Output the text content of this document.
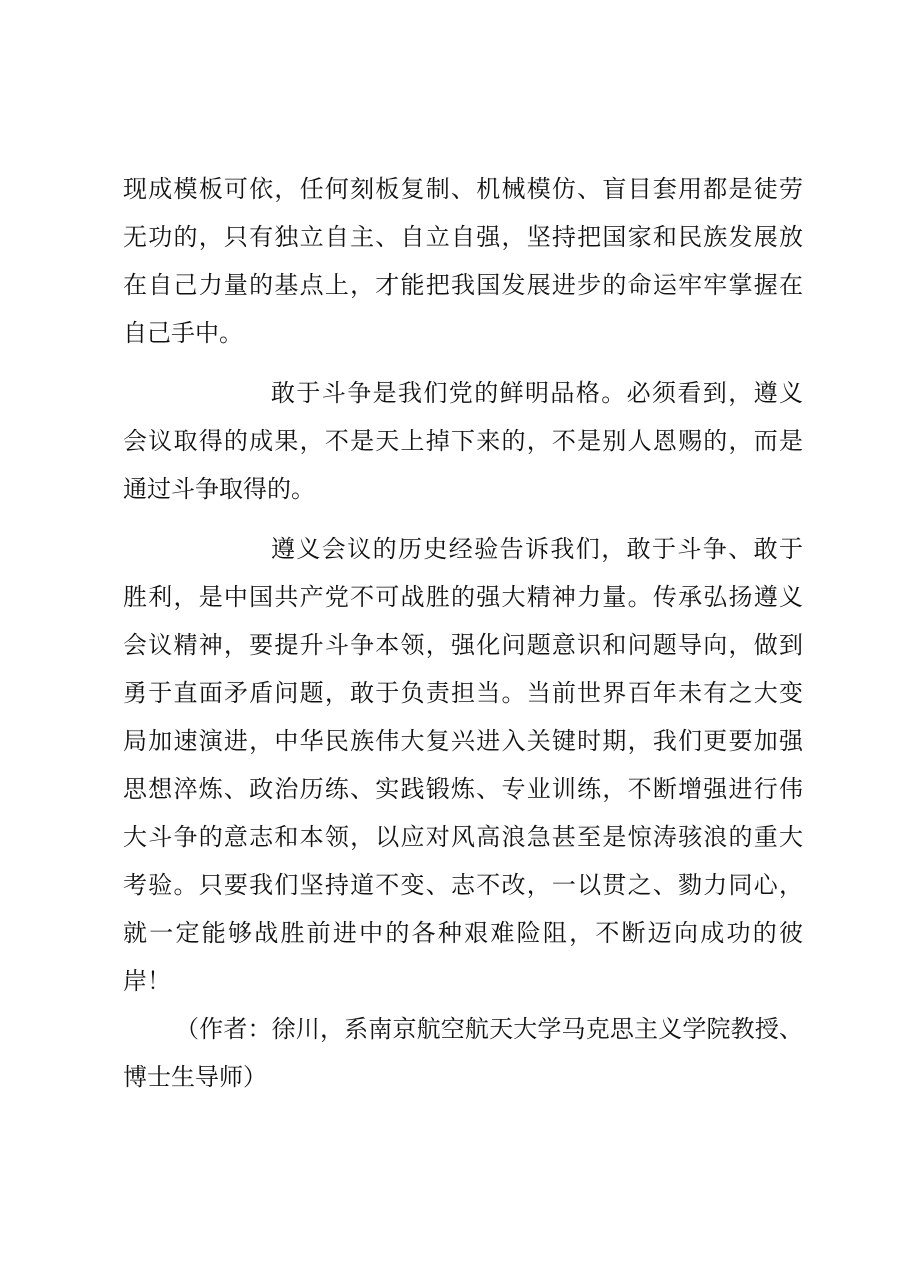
现成模板可依，任何刻板复制、机械模仿、盲目套用都是徒劳
无功的，只有独立自主、自立自强，坚持把国家和民族发展放
在自己力量的基点上，才能把我国发展进步的命运牢牢掌握在
自己手中。
敢于斗争是我们党的鲜明品格。必须看到，遵义
会议取得的成果，不是天上掉下来的，不是别人恩赐的，而是
通过斗争取得的。
遵义会议的历史经验告诉我们，敢于斗争、敢于
胜利，是中国共产党不可战胜的强大精神力量。传承弘扬遵义
会议精神，要提升斗争本领，强化问题意识和问题导向，做到
勇于直面矛盾问题，敢于负责担当。当前世界百年未有之大变
局加速演进，中华民族伟大复兴进入关键时期，我们更要加强
思想淬炼、政治历练、实践锻炼、专业训练，不断增强进行伟
大斗争的意志和本领，以应对风高浪急甚至是惊涛骇浪的重大
考验。只要我们坚持道不变、志不改，一以贯之、勠力同心，
就一定能够战胜前进中的各种艰难险阻，不断迈向成功的彼
岸！
（作者：徐川，系南京航空航天大学马克思主义学院教授、
博士生导师）
